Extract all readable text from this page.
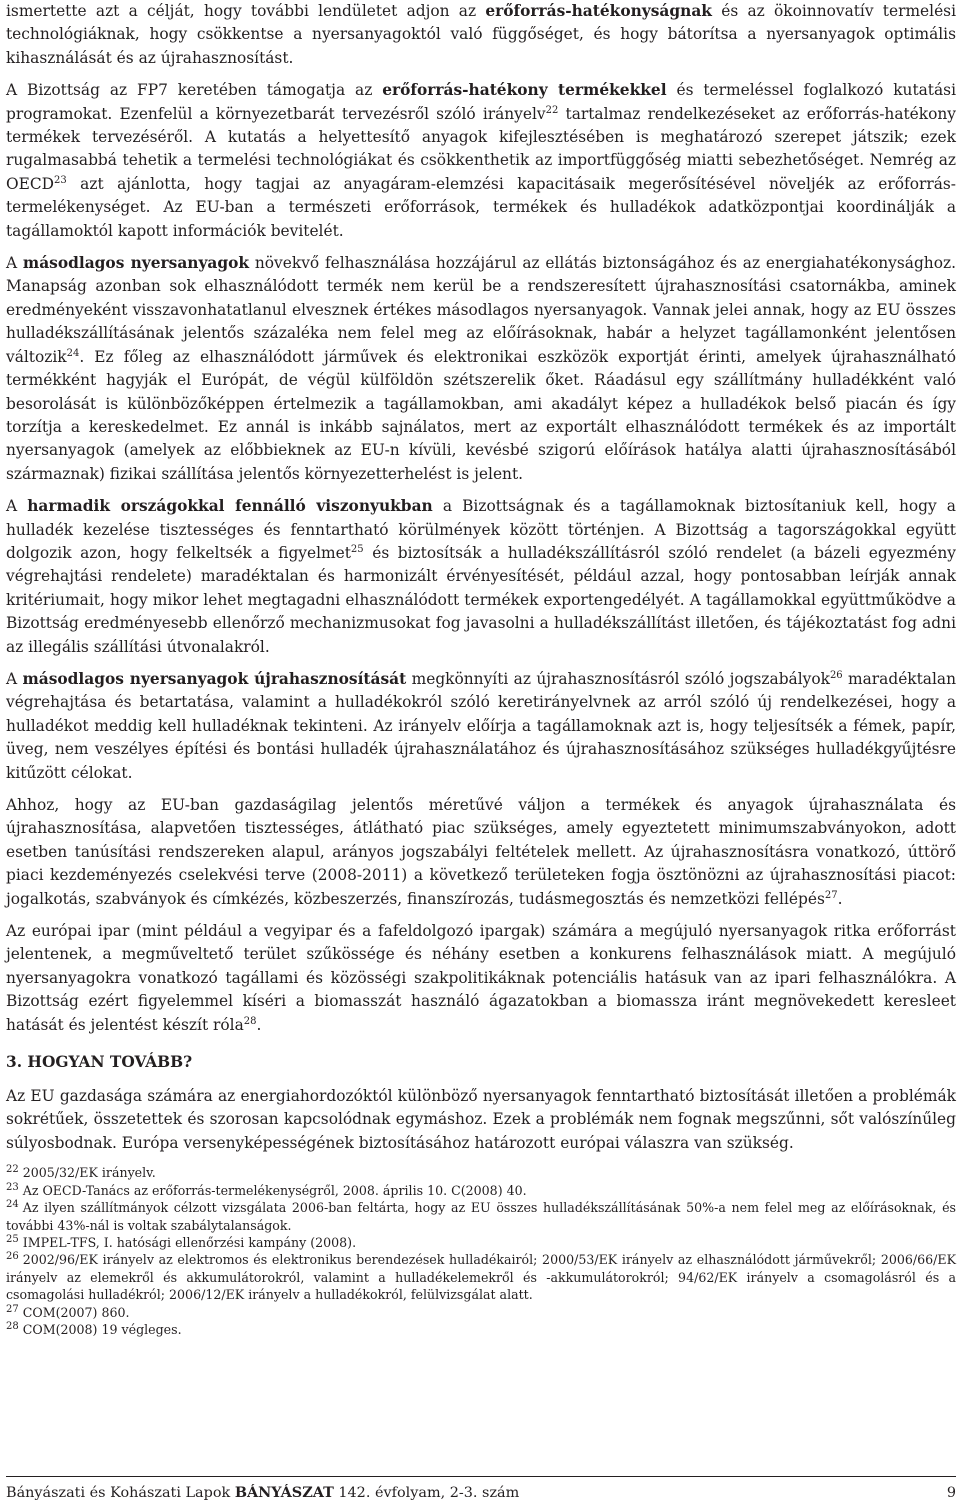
ismertette azt a célját, hogy további lendületet adjon az erőforrás-hatékonyságnak és az ökoinnovatív termelési technológiáknak, hogy csökkentse a nyersanyagoktól való függőséget, és hogy bátorítsa a nyersanyagok optimális kihasználását és az újrahasznosítást.

A Bizottság az FP7 keretében támogatja az erőforrás-hatékony termékekkel és termeléssel foglalkozó kutatási programokat. Ezenfelül a környezetbarát tervezésről szóló irányelv$^{22}$ tartalmaz rendelkezéseket az erőforrás-hatékony termékek tervezéséről. A kutatás a helyettesítő anyagok kifejlesztésében is meghatározó szerepet játszik; ezek rugalmasabbá tehetik a termelési technológiákat és csökkenthetik az importfüggőség miatti sebezhetőséget. Nemrég az OECD$^{23}$ azt ajánlotta, hogy tagjai az anyagáram-elemzési kapacitásaik megerősítésével növeljék az erőforrás-termelékenységet. Az EU-ban a természeti erőforrások, termékek és hulladékok adatközpontjai koordinálják a tagállamoktól kapott információk bevitelét.

A másodlagos nyersanyagok növekvő felhasználása hozzájárul az ellátás biztonságához és az energiahatékonysághoz. Manapság azonban sok elhasználódott termék nem kerül be a rendszeresített újrahasznosítási csatornákba, aminek eredményeként visszavonhatatlanul elvesznek értékes másodlagos nyersanyagok. Vannak jelei annak, hogy az EU összes hulladékszállításának jelentős százaléka nem felel meg az előírásoknak, habár a helyzet tagállamonként jelentősen változik$^{24}$. Ez főleg az elhasználódott járművek és elektronikai eszközök exportját érinti, amelyek újrahasználható termékként hagyják el Európát, de végül külföldön szétszerelik őket. Ráadásul egy szállítmány hulladékként való besorolását is különbözőképpen értelmezik a tagállamokban, ami akadályt képez a hulladékok belső piacán és így torzítja a kereskedelmet. Ez annál is inkább sajnálatos, mert az exportált elhasználódott termékek és az importált nyersanyagok (amelyek az előbbieknek az EU-n kívüli, kevésbé szigorú előírások hatálya alatti újrahasznosításából származnak) fizikai szállítása jelentős környezetterhelést is jelent.

A harmadik országokkal fennálló viszonyukban a Bizottságnak és a tagállamoknak biztosítaniuk kell, hogy a hulladék kezelése tisztességes és fenntartható körülmények között történjen. A Bizottság a tagországokkal együtt dolgozik azon, hogy felkeltsék a figyelmet$^{25}$ és biztosítsák a hulladékszállításról szóló rendelet (a bázeli egyezmény végrehajtási rendelete) maradéktalan és harmonizált érvényesítését, például azzal, hogy pontosabban leírják annak kritériumait, hogy mikor lehet megtagadni elhasználódott termékek exportengedélyét. A tagállamokkal együttműködve a Bizottság eredményesebb ellenőrző mechanizmusokat fog javasolni a hulladékszállítást illetően, és tájékoztatást fog adni az illegális szállítási útvonalakról.

A másodlagos nyersanyagok újrahasznosítását megkönnyíti az újrahasznosításról szóló jogszabályok$^{26}$ maradéktalan végrehajtása és betartatása, valamint a hulladékokról szóló keretirányelvnek az arról szóló új rendelkezései, hogy a hulladékot meddig kell hulladéknak tekinteni. Az irányelv előírja a tagállamoknak azt is, hogy teljesítsék a fémek, papír, üveg, nem veszélyes építési és bontási hulladék újrahasználatához és újrahasznosításához szükséges hulladékgyűjtésre kitűzött célokat.

Ahhoz, hogy az EU-ban gazdaságilag jelentős méretűvé váljon a termékek és anyagok újrahasználata és újrahasznosítása, alapvetően tisztességes, átlátható piac szükséges, amely egyeztetett minimumszabványokon, adott esetben tanúsítási rendszereken alapul, arányos jogszabályi feltételek mellett. Az újrahasznosításra vonatkozó, úttörő piaci kezdeményezés cselekvési terve (2008-2011) a következő területeken fogja ösztönözni az újrahasznosítási piacot: jogalkotás, szabványok és címkézés, közbeszerzés, finanszírozás, tudásmegosztás és nemzetközi fellépés$^{27}$.

Az európai ipar (mint például a vegyipar és a fafeldolgozó ipargak) számára a megújuló nyersanyagok ritka erőforrást jelentenek, a megműveltető terület szűkössége és néhány esetben a konkurens felhasználások miatt. A megújuló nyersanyagokra vonatkozó tagállami és közösségi szakpolitikáknak potenciális hatásuk van az ipari felhasználókra. A Bizottság ezért figyelemmel kíséri a biomasszát használó ágazatokban a biomassza iránt megnövekedett keresleet hatását és jelentést készít róla$^{28}$.

3. HOGYAN TOVÁBB?

Az EU gazdasága számára az energiahordozóktól különböző nyersanyagok fenntartható biztosítását illetően a problémák sokrétűek, összetettek és szorosan kapcsolódnak egymáshoz. Ezek a problémák nem fognak megszűnni, sőt valószínűleg súlyosbodnak. Európa versenyképességének biztosításához határozott európai válaszra van szükség.

$^{22}$ 2005/32/EK irányelv.

$^{23}$ Az OECD-Tanács az erőforrás-termelékenységről, 2008. április 10. C(2008) 40.

$^{24}$ Az ilyen szállítmányok célzott vizsgálata 2006-ban feltárta, hogy az EU összes hulladékszállításának 50%-a nem felel meg az előírásoknak, és további 43%-nál is voltak szabálytalanságok.

$^{25}$ IMPEL-TFS, I. hatósági ellenőrzési kampány (2008).

$^{26}$ 2002/96/EK irányelv az elektromos és elektronikus berendezések hulladékairól; 2000/53/EK irányelv az elhasználódott járművekről; 2006/66/EK irányelv az elemekről és akkumulátorokról, valamint a hulladékelemekről és -akkumulátorokról; 94/62/EK irányelv a csomagolásról és a csomagolási hulladékról; 2006/12/EK irányelv a hulladékokról, felülvizsgálat alatt.

$^{27}$ COM(2007) 860.

$^{28}$ COM(2008) 19 végleges.

Bányászati és Kohászati Lapok BÁNYÁSZAT 142. évfolyam, 2-3. szám	9
